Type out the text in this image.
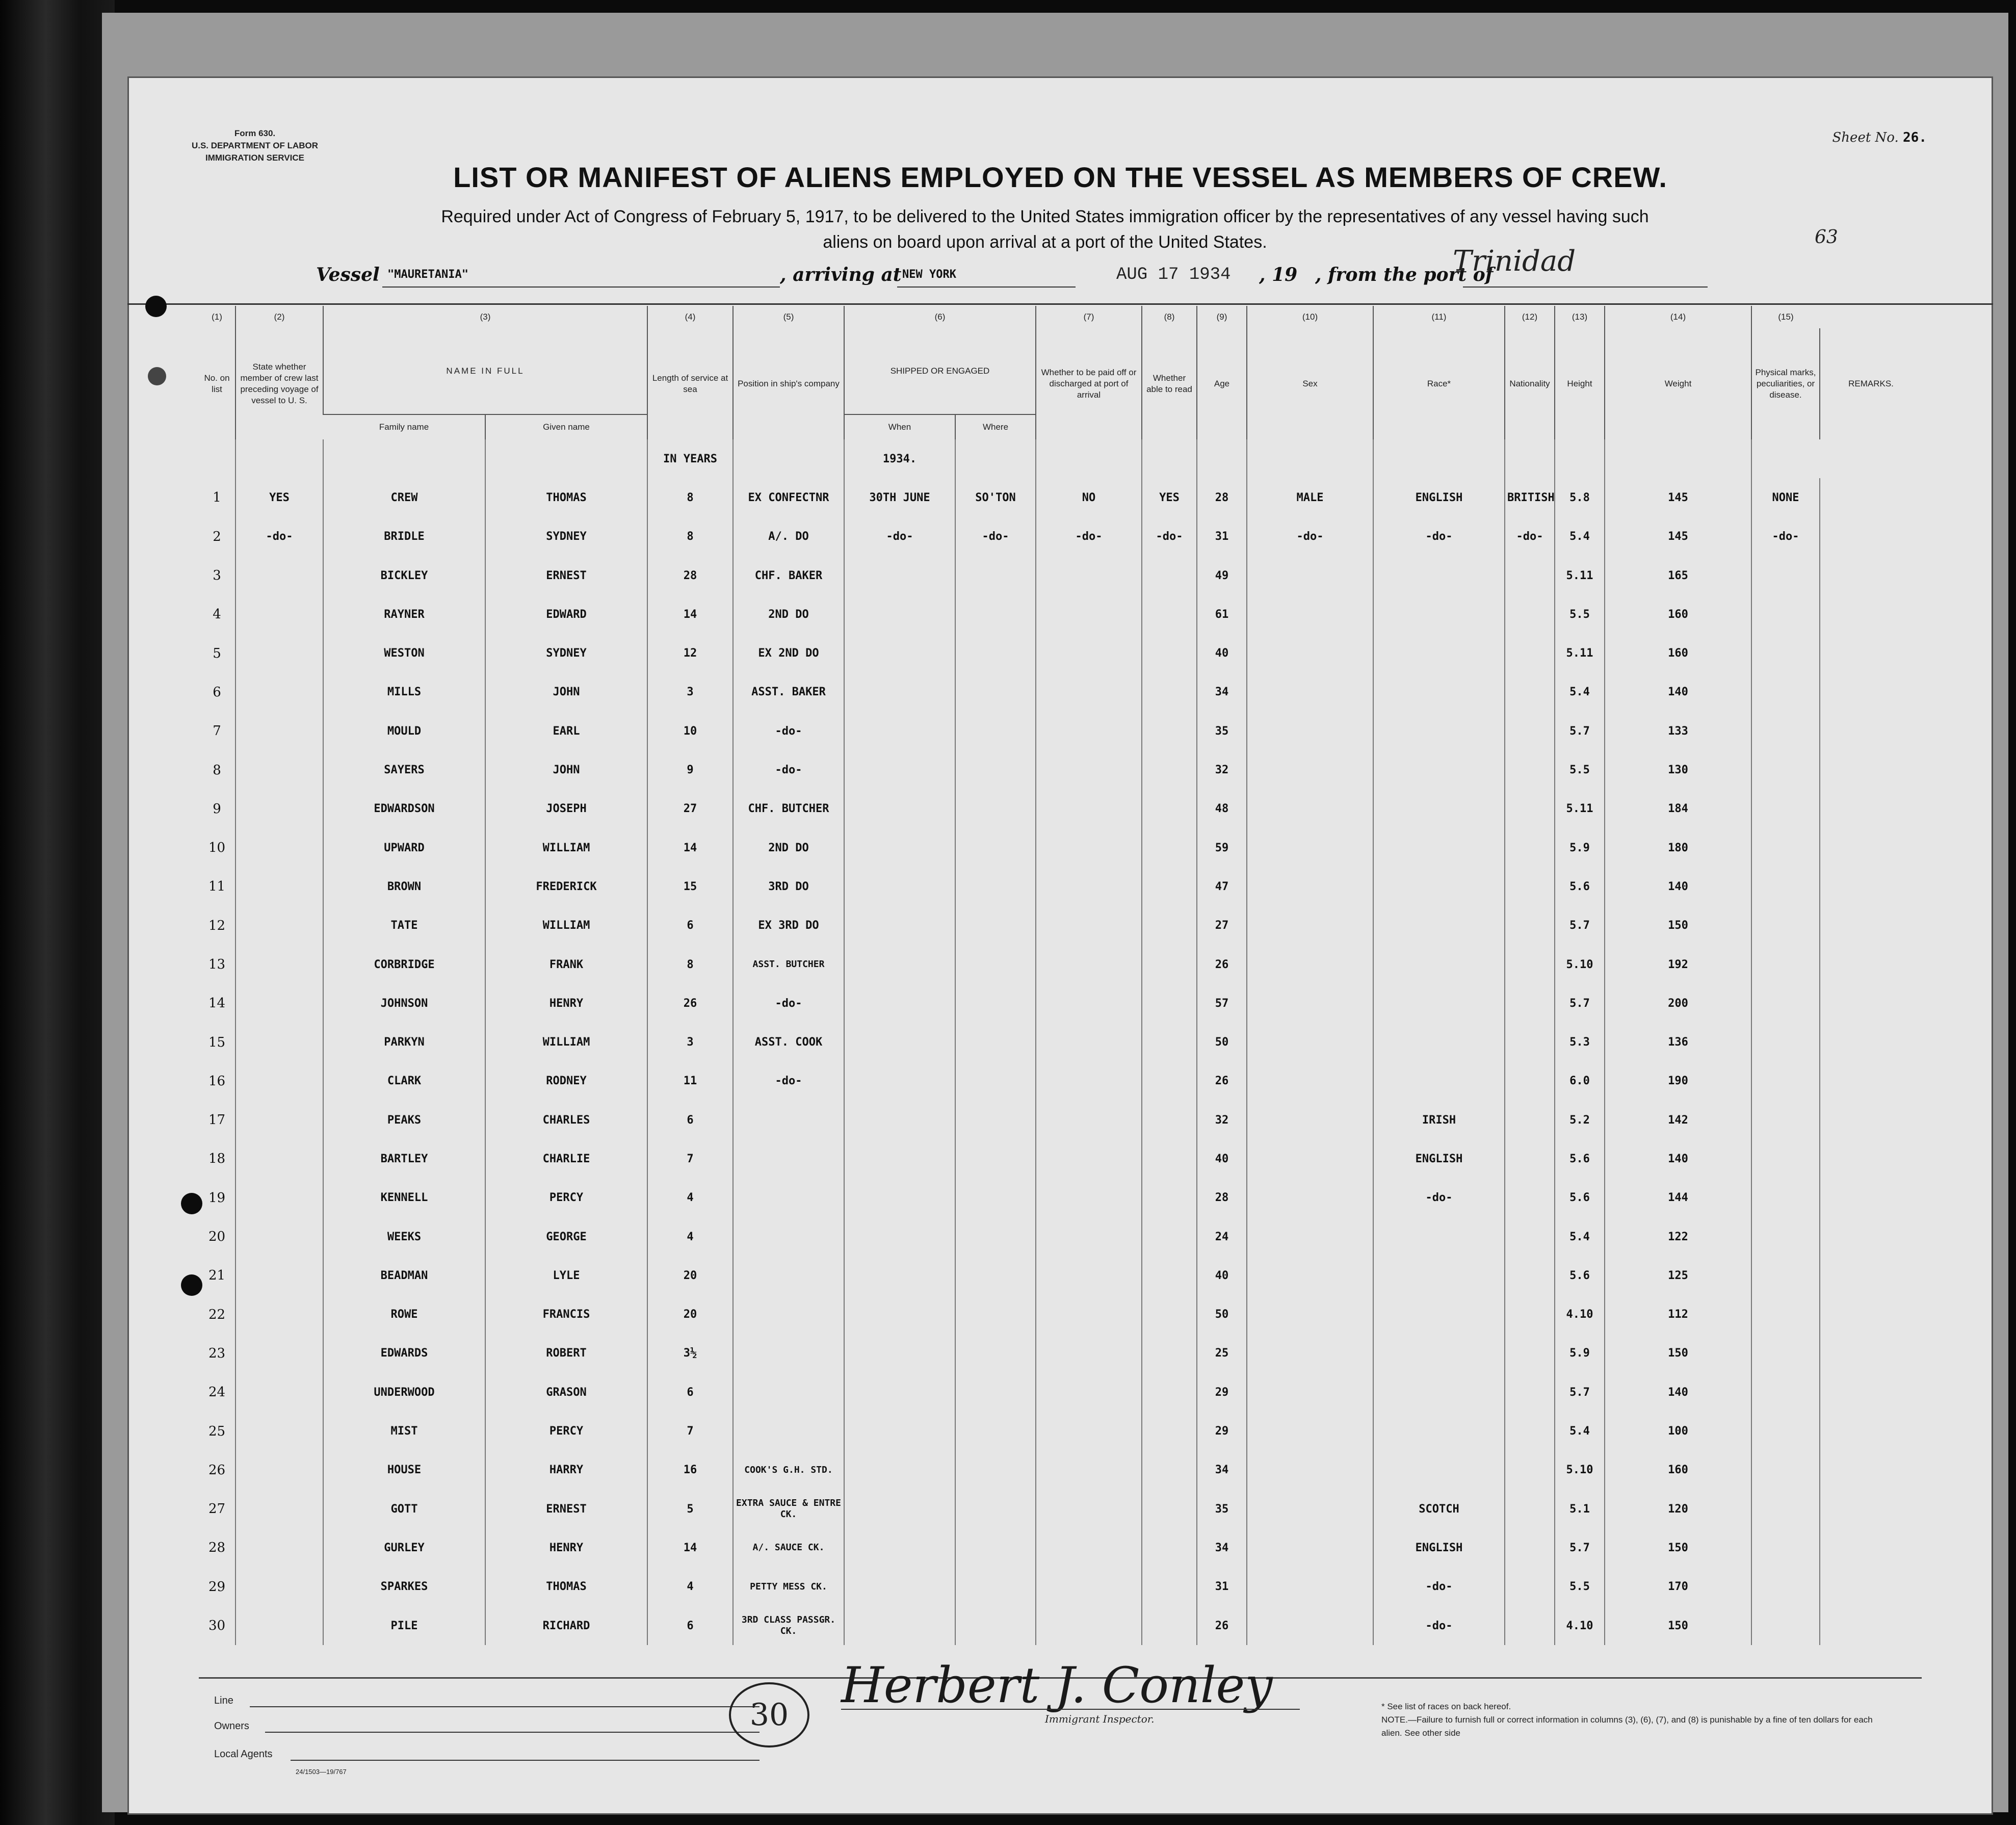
Form 630.
U.S. DEPARTMENT OF LABOR
IMMIGRATION SERVICE
Sheet No. 26.
LIST OR MANIFEST OF ALIENS EMPLOYED ON THE VESSEL AS MEMBERS OF CREW.
Required under Act of Congress of February 5, 1917, to be delivered to the United States immigration officer by the representatives of any vessel having such
aliens on board upon arrival at a port of the United States.	63
Vessel "MAURETANIA"	, arriving at NEW YORK	AUG 17 1934 , 19 , from the port of
Trinidad
(1)	(2)	(3)		(4)	(5)	(6)		(7)	(8)	(9)	(10)	(11)	(12)	(13)	(14)	(15)	
No. on list	State whether member of crew last preceding voyage of vessel to U. S.	NAME IN FULL		Length of service at sea	Position in ship's company	SHIPPED OR ENGAGED		Whether to be paid off or discharged at port of arrival	Whether able to read	Age	Sex	Race*	Nationality	Height	Weight	Physical marks, peculiarities, or disease.	REMARKS.
		Family name	Given name			When	Where										
				IN YEARS		1934.											
1	YES	CREW	THOMAS	8	EX CONFECTNR	30TH JUNE	SO'TON	NO	YES	28	MALE	ENGLISH	BRITISH	5.8	145	NONE	
2	-do-	BRIDLE	SYDNEY	8	A/. DO	-do-	-do-	-do-	-do-	31	-do-	-do-	-do-	5.4	145	-do-	
3		BICKLEY	ERNEST	28	CHF. BAKER					49				5.11	165		
4		RAYNER	EDWARD	14	2ND DO					61				5.5	160		
5		WESTON	SYDNEY	12	EX 2ND DO					40				5.11	160		
6		MILLS	JOHN	3	ASST. BAKER					34				5.4	140		
7		MOULD	EARL	10	-do-					35				5.7	133		
8		SAYERS	JOHN	9	-do-					32				5.5	130		
9		EDWARDSON	JOSEPH	27	CHF. BUTCHER					48				5.11	184		
10		UPWARD	WILLIAM	14	2ND DO					59				5.9	180		
11		BROWN	FREDERICK	15	3RD DO					47				5.6	140		
12		TATE	WILLIAM	6	EX 3RD DO					27				5.7	150		
13		CORBRIDGE	FRANK	8	ASST. BUTCHER					26				5.10	192		
14		JOHNSON	HENRY	26	-do-					57				5.7	200		
15		PARKYN	WILLIAM	3	ASST. COOK					50				5.3	136		
16		CLARK	RODNEY	11	-do-					26				6.0	190		
17		PEAKS	CHARLES	6						32		IRISH		5.2	142		
18		BARTLEY	CHARLIE	7						40		ENGLISH		5.6	140		
19		KENNELL	PERCY	4						28		-do-		5.6	144		
20		WEEKS	GEORGE	4						24				5.4	122		
21		BEADMAN	LYLE	20						40				5.6	125		
22		ROWE	FRANCIS	20						50				4.10	112		
23		EDWARDS	ROBERT	3½						25				5.9	150		
24		UNDERWOOD	GRASON	6						29				5.7	140		
25		MIST	PERCY	7						29				5.4	100		
26		HOUSE	HARRY	16	COOK'S G.H. STD.					34				5.10	160		
27		GOTT	ERNEST	5	EXTRA SAUCE & ENTRE CK.					35		SCOTCH		5.1	120		
28		GURLEY	HENRY	14	A/. SAUCE CK.					34		ENGLISH		5.7	150		
29		SPARKES	THOMAS	4	PETTY MESS CK.					31		-do-		5.5	170		
30		PILE	RICHARD	6	3RD CLASS PASSGR. CK.					26		-do-		4.10	150		
Line
Owners
Local Agents
24/1503—19/767
30
Herbert J. Conley
Immigrant Inspector.
* See list of races on back hereof.
NOTE.—Failure to furnish full or correct information in columns (3), (6), (7), and (8) is punishable by a fine of ten dollars for each alien. See other side
